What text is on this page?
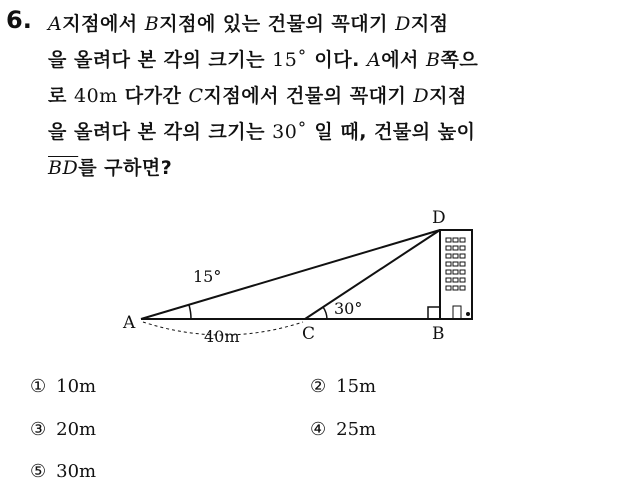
6. A지점에서 B지점에 있는 건물의 꼭대기 D지점
을 올려다 본 각의 크기는 15˚ 이다. A에서 B쪽으
로 40m 다가간 C지점에서 건물의 꼭대기 D지점
을 올려다 본 각의 크기는 30˚ 일 때, 건물의 높이
$\overline{BD}$를 구하면?
A
C	B
D
15°
30°
40m
① 10m	② 15m
③ 20m	④ 25m
⑤ 30m
